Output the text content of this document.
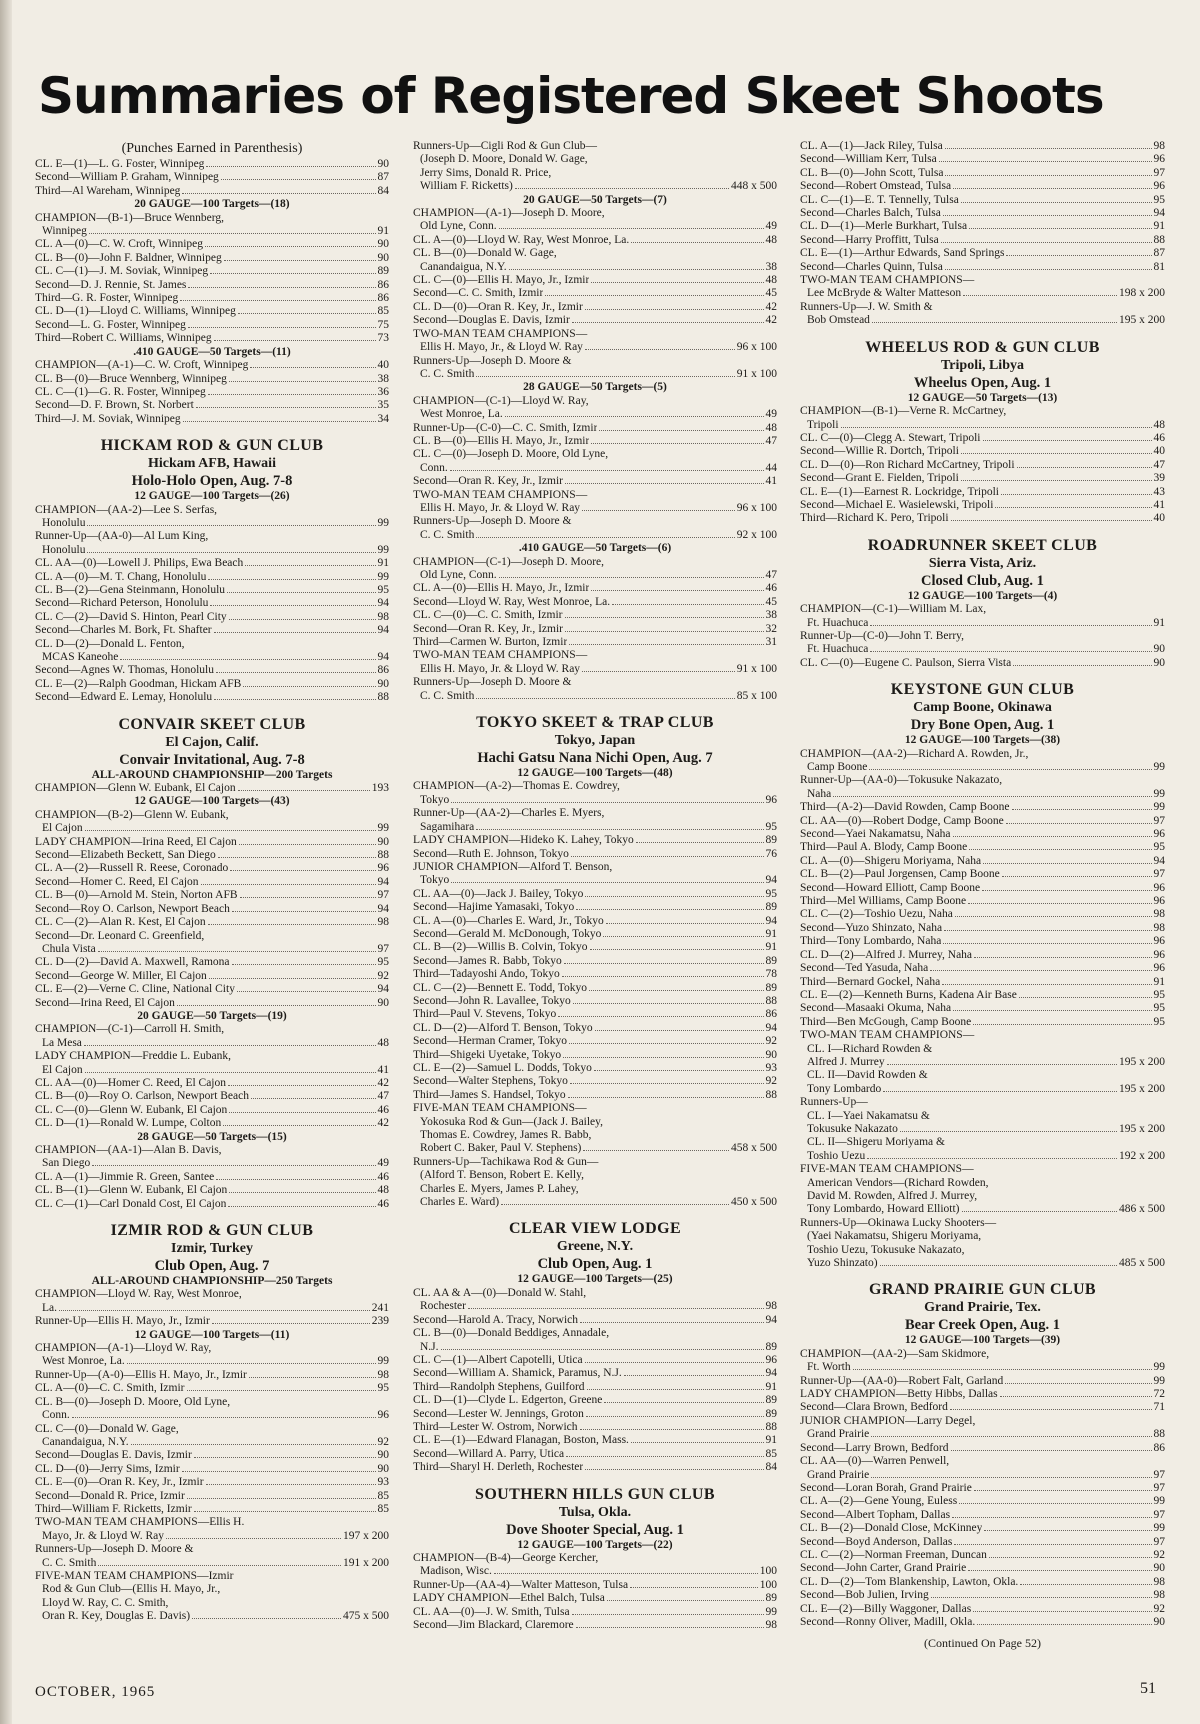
Summaries of Registered Skeet Shoots
(Punches Earned in Parenthesis)
CL. E—(1)—L. G. Foster, Winnipeg	90
Second—William P. Graham, Winnipeg	87
Third—Al Wareham, Winnipeg	84
20 GAUGE—100 Targets—(18)
CHAMPION—(B-1)—Bruce Wennberg,
Winnipeg	91
CL. A—(0)—C. W. Croft, Winnipeg	90
CL. B—(0)—John F. Baldner, Winnipeg	90
CL. C—(1)—J. M. Soviak, Winnipeg	89
Second—D. J. Rennie, St. James	86
Third—G. R. Foster, Winnipeg	86
CL. D—(1)—Lloyd C. Williams, Winnipeg	85
Second—L. G. Foster, Winnipeg	75
Third—Robert C. Williams, Winnipeg	73
.410 GAUGE—50 Targets—(11)
CHAMPION—(A-1)—C. W. Croft, Winnipeg	40
CL. B—(0)—Bruce Wennberg, Winnipeg	38
CL. C—(1)—G. R. Foster, Winnipeg	36
Second—D. F. Brown, St. Norbert	35
Third—J. M. Soviak, Winnipeg	34
HICKAM ROD & GUN CLUB
Hickam AFB, Hawaii
Holo-Holo Open, Aug. 7-8
12 GAUGE—100 Targets—(26)
CHAMPION—(AA-2)—Lee S. Serfas,
Honolulu	99
Runner-Up—(AA-0)—Al Lum King,
Honolulu	99
CL. AA—(0)—Lowell J. Philips, Ewa Beach	91
CL. A—(0)—M. T. Chang, Honolulu	99
CL. B—(2)—Gena Steinmann, Honolulu	95
Second—Richard Peterson, Honolulu	94
CL. C—(2)—David S. Hinton, Pearl City	98
Second—Charles M. Bork, Ft. Shafter	94
CL. D—(2)—Donald L. Fenton,
MCAS Kaneohe	94
Second—Agnes W. Thomas, Honolulu	86
CL. E—(2)—Ralph Goodman, Hickam AFB	90
Second—Edward E. Lemay, Honolulu	88
CONVAIR SKEET CLUB
El Cajon, Calif.
Convair Invitational, Aug. 7-8
ALL-AROUND CHAMPIONSHIP—200 Targets
CHAMPION—Glenn W. Eubank, El Cajon	193
12 GAUGE—100 Targets—(43)
CHAMPION—(B-2)—Glenn W. Eubank,
El Cajon	99
LADY CHAMPION—Irina Reed, El Cajon	90
Second—Elizabeth Beckett, San Diego	88
CL. A—(2)—Russell R. Reese, Coronado	96
Second—Homer C. Reed, El Cajon	94
CL. B—(0)—Arnold M. Stein, Norton AFB	97
Second—Roy O. Carlson, Newport Beach	94
CL. C—(2)—Alan R. Kest, El Cajon	98
Second—Dr. Leonard C. Greenfield,
Chula Vista	97
CL. D—(2)—David A. Maxwell, Ramona	95
Second—George W. Miller, El Cajon	92
CL. E—(2)—Verne C. Cline, National City	94
Second—Irina Reed, El Cajon	90
20 GAUGE—50 Targets—(19)
CHAMPION—(C-1)—Carroll H. Smith,
La Mesa	48
LADY CHAMPION—Freddie L. Eubank,
El Cajon	41
CL. AA—(0)—Homer C. Reed, El Cajon	42
CL. B—(0)—Roy O. Carlson, Newport Beach	47
CL. C—(0)—Glenn W. Eubank, El Cajon	46
CL. D—(1)—Ronald W. Lumpe, Colton	42
28 GAUGE—50 Targets—(15)
CHAMPION—(AA-1)—Alan B. Davis,
San Diego	49
CL. A—(1)—Jimmie R. Green, Santee	46
CL. B—(1)—Glenn W. Eubank, El Cajon	48
CL. C—(1)—Carl Donald Cost, El Cajon	46
IZMIR ROD & GUN CLUB
Izmir, Turkey
Club Open, Aug. 7
ALL-AROUND CHAMPIONSHIP—250 Targets
CHAMPION—Lloyd W. Ray, West Monroe,
La.	241
Runner-Up—Ellis H. Mayo, Jr., Izmir	239
12 GAUGE—100 Targets—(11)
CHAMPION—(A-1)—Lloyd W. Ray,
West Monroe, La.	99
Runner-Up—(A-0)—Ellis H. Mayo, Jr., Izmir	98
CL. A—(0)—C. C. Smith, Izmir	95
CL. B—(0)—Joseph D. Moore, Old Lyne,
Conn.	96
CL. C—(0)—Donald W. Gage,
Canandaigua, N.Y.	92
Second—Douglas E. Davis, Izmir	90
CL. D—(0)—Jerry Sims, Izmir	90
CL. E—(0)—Oran R. Key, Jr., Izmir	93
Second—Donald R. Price, Izmir	85
Third—William F. Ricketts, Izmir	85
TWO-MAN TEAM CHAMPIONS—Ellis H.
Mayo, Jr. & Lloyd W. Ray	197 x 200
Runners-Up—Joseph D. Moore &
C. C. Smith	191 x 200
FIVE-MAN TEAM CHAMPIONS—Izmir
Rod & Gun Club—(Ellis H. Mayo, Jr.,
Lloyd W. Ray, C. C. Smith,
Oran R. Key, Douglas E. Davis)	475 x 500
Runners-Up—Cigli Rod & Gun Club—
(Joseph D. Moore, Donald W. Gage,
Jerry Sims, Donald R. Price,
William F. Ricketts)	448 x 500
20 GAUGE—50 Targets—(7)
CHAMPION—(A-1)—Joseph D. Moore,
Old Lyne, Conn.	49
CL. A—(0)—Lloyd W. Ray, West Monroe, La.	48
CL. B—(0)—Donald W. Gage,
Canandaigua, N.Y.	38
CL. C—(0)—Ellis H. Mayo, Jr., Izmir	48
Second—C. C. Smith, Izmir	45
CL. D—(0)—Oran R. Key, Jr., Izmir	42
Second—Douglas E. Davis, Izmir	42
TWO-MAN TEAM CHAMPIONS—
Ellis H. Mayo, Jr., & Lloyd W. Ray	96 x 100
Runners-Up—Joseph D. Moore &
C. C. Smith	91 x 100
28 GAUGE—50 Targets—(5)
CHAMPION—(C-1)—Lloyd W. Ray,
West Monroe, La.	49
Runner-Up—(C-0)—C. C. Smith, Izmir	48
CL. B—(0)—Ellis H. Mayo, Jr., Izmir	47
CL. C—(0)—Joseph D. Moore, Old Lyne,
Conn.	44
Second—Oran R. Key, Jr., Izmir	41
TWO-MAN TEAM CHAMPIONS—
Ellis H. Mayo, Jr. & Lloyd W. Ray	96 x 100
Runners-Up—Joseph D. Moore &
C. C. Smith	92 x 100
.410 GAUGE—50 Targets—(6)
CHAMPION—(C-1)—Joseph D. Moore,
Old Lyne, Conn.	47
CL. A—(0)—Ellis H. Mayo, Jr., Izmir	46
Second—Lloyd W. Ray, West Monroe, La.	45
CL. C—(0)—C. C. Smith, Izmir	38
Second—Oran R. Key, Jr., Izmir	32
Third—Carmen W. Burton, Izmir	31
TWO-MAN TEAM CHAMPIONS—
Ellis H. Mayo, Jr. & Lloyd W. Ray	91 x 100
Runners-Up—Joseph D. Moore &
C. C. Smith	85 x 100
TOKYO SKEET & TRAP CLUB
Tokyo, Japan
Hachi Gatsu Nana Nichi Open, Aug. 7
12 GAUGE—100 Targets—(48)
CHAMPION—(A-2)—Thomas E. Cowdrey,
Tokyo	96
Runner-Up—(AA-2)—Charles E. Myers,
Sagamihara	95
LADY CHAMPION—Hideko K. Lahey, Tokyo	89
Second—Ruth E. Johnson, Tokyo	76
JUNIOR CHAMPION—Alford T. Benson,
Tokyo	94
CL. AA—(0)—Jack J. Bailey, Tokyo	95
Second—Hajime Yamasaki, Tokyo	89
CL. A—(0)—Charles E. Ward, Jr., Tokyo	94
Second—Gerald M. McDonough, Tokyo	91
CL. B—(2)—Willis B. Colvin, Tokyo	91
Second—James R. Babb, Tokyo	89
Third—Tadayoshi Ando, Tokyo	78
CL. C—(2)—Bennett E. Todd, Tokyo	89
Second—John R. Lavallee, Tokyo	88
Third—Paul V. Stevens, Tokyo	86
CL. D—(2)—Alford T. Benson, Tokyo	94
Second—Herman Cramer, Tokyo	92
Third—Shigeki Uyetake, Tokyo	90
CL. E—(2)—Samuel L. Dodds, Tokyo	93
Second—Walter Stephens, Tokyo	92
Third—James S. Handsel, Tokyo	88
FIVE-MAN TEAM CHAMPIONS—
Yokosuka Rod & Gun—(Jack J. Bailey,
Thomas E. Cowdrey, James R. Babb,
Robert C. Baker, Paul V. Stephens)	458 x 500
Runners-Up—Tachikawa Rod & Gun—
(Alford T. Benson, Robert E. Kelly,
Charles E. Myers, James P. Lahey,
Charles E. Ward)	450 x 500
CLEAR VIEW LODGE
Greene, N.Y.
Club Open, Aug. 1
12 GAUGE—100 Targets—(25)
CL. AA & A—(0)—Donald W. Stahl,
Rochester	98
Second—Harold A. Tracy, Norwich	94
CL. B—(0)—Donald Beddiges, Annadale,
N.J.	89
CL. C—(1)—Albert Capotelli, Utica	96
Second—William A. Shamick, Paramus, N.J.	94
Third—Randolph Stephens, Guilford	91
CL. D—(1)—Clyde L. Edgerton, Greene	89
Second—Lester W. Jennings, Groton	89
Third—Lester W. Ostrom, Norwich	88
CL. E—(1)—Edward Flanagan, Boston, Mass.	91
Second—Willard A. Parry, Utica	85
Third—Sharyl H. Derleth, Rochester	84
SOUTHERN HILLS GUN CLUB
Tulsa, Okla.
Dove Shooter Special, Aug. 1
12 GAUGE—100 Targets—(22)
CHAMPION—(B-4)—George Kercher,
Madison, Wisc.	100
Runner-Up—(AA-4)—Walter Matteson, Tulsa	100
LADY CHAMPION—Ethel Balch, Tulsa	89
CL. AA—(0)—J. W. Smith, Tulsa	99
Second—Jim Blackard, Claremore	98
CL. A—(1)—Jack Riley, Tulsa	98
Second—William Kerr, Tulsa	96
CL. B—(0)—John Scott, Tulsa	97
Second—Robert Omstead, Tulsa	96
CL. C—(1)—E. T. Tennelly, Tulsa	95
Second—Charles Balch, Tulsa	94
CL. D—(1)—Merle Burkhart, Tulsa	91
Second—Harry Proffitt, Tulsa	88
CL. E—(1)—Arthur Edwards, Sand Springs	87
Second—Charles Quinn, Tulsa	81
TWO-MAN TEAM CHAMPIONS—
Lee McBryde & Walter Matteson	198 x 200
Runners-Up—J. W. Smith &
Bob Omstead	195 x 200
WHEELUS ROD & GUN CLUB
Tripoli, Libya
Wheelus Open, Aug. 1
12 GAUGE—50 Targets—(13)
CHAMPION—(B-1)—Verne R. McCartney,
Tripoli	48
CL. C—(0)—Clegg A. Stewart, Tripoli	46
Second—Willie R. Dortch, Tripoli	40
CL. D—(0)—Ron Richard McCartney, Tripoli	47
Second—Grant E. Fielden, Tripoli	39
CL. E—(1)—Earnest R. Lockridge, Tripoli	43
Second—Michael E. Wasielewski, Tripoli	41
Third—Richard K. Pero, Tripoli	40
ROADRUNNER SKEET CLUB
Sierra Vista, Ariz.
Closed Club, Aug. 1
12 GAUGE—100 Targets—(4)
CHAMPION—(C-1)—William M. Lax,
Ft. Huachuca	91
Runner-Up—(C-0)—John T. Berry,
Ft. Huachuca	90
CL. C—(0)—Eugene C. Paulson, Sierra Vista	90
KEYSTONE GUN CLUB
Camp Boone, Okinawa
Dry Bone Open, Aug. 1
12 GAUGE—100 Targets—(38)
CHAMPION—(AA-2)—Richard A. Rowden, Jr.,
Camp Boone	99
Runner-Up—(AA-0)—Tokusuke Nakazato,
Naha	99
Third—(A-2)—David Rowden, Camp Boone	99
CL. AA—(0)—Robert Dodge, Camp Boone	97
Second—Yaei Nakamatsu, Naha	96
Third—Paul A. Blody, Camp Boone	95
CL. A—(0)—Shigeru Moriyama, Naha	94
CL. B—(2)—Paul Jorgensen, Camp Boone	97
Second—Howard Elliott, Camp Boone	96
Third—Mel Williams, Camp Boone	96
CL. C—(2)—Toshio Uezu, Naha	98
Second—Yuzo Shinzato, Naha	98
Third—Tony Lombardo, Naha	96
CL. D—(2)—Alfred J. Murrey, Naha	96
Second—Ted Yasuda, Naha	96
Third—Bernard Gockel, Naha	91
CL. E—(2)—Kenneth Burns, Kadena Air Base	95
Second—Masaaki Okuma, Naha	95
Third—Ben McGough, Camp Boone	95
TWO-MAN TEAM CHAMPIONS—
CL. I—Richard Rowden &
Alfred J. Murrey	195 x 200
CL. II—David Rowden &
Tony Lombardo	195 x 200
Runners-Up—
CL. I—Yaei Nakamatsu &
Tokusuke Nakazato	195 x 200
CL. II—Shigeru Moriyama &
Toshio Uezu	192 x 200
FIVE-MAN TEAM CHAMPIONS—
American Vendors—(Richard Rowden,
David M. Rowden, Alfred J. Murrey,
Tony Lombardo, Howard Elliott)	486 x 500
Runners-Up—Okinawa Lucky Shooters—
(Yaei Nakamatsu, Shigeru Moriyama,
Toshio Uezu, Tokusuke Nakazato,
Yuzo Shinzato)	485 x 500
GRAND PRAIRIE GUN CLUB
Grand Prairie, Tex.
Bear Creek Open, Aug. 1
12 GAUGE—100 Targets—(39)
CHAMPION—(AA-2)—Sam Skidmore,
Ft. Worth	99
Runner-Up—(AA-0)—Robert Falt, Garland	99
LADY CHAMPION—Betty Hibbs, Dallas	72
Second—Clara Brown, Bedford	71
JUNIOR CHAMPION—Larry Degel,
Grand Prairie	88
Second—Larry Brown, Bedford	86
CL. AA—(0)—Warren Penwell,
Grand Prairie	97
Second—Loran Borah, Grand Prairie	97
CL. A—(2)—Gene Young, Euless	99
Second—Albert Topham, Dallas	97
CL. B—(2)—Donald Close, McKinney	99
Second—Boyd Anderson, Dallas	97
CL. C—(2)—Norman Freeman, Duncan	92
Second—John Carter, Grand Prairie	90
CL. D—(2)—Tom Blankenship, Lawton, Okla.	98
Second—Bob Julien, Irving	98
CL. E—(2)—Billy Waggoner, Dallas	92
Second—Ronny Oliver, Madill, Okla.	90
(Continued On Page 52)
OCTOBER, 1965	51
